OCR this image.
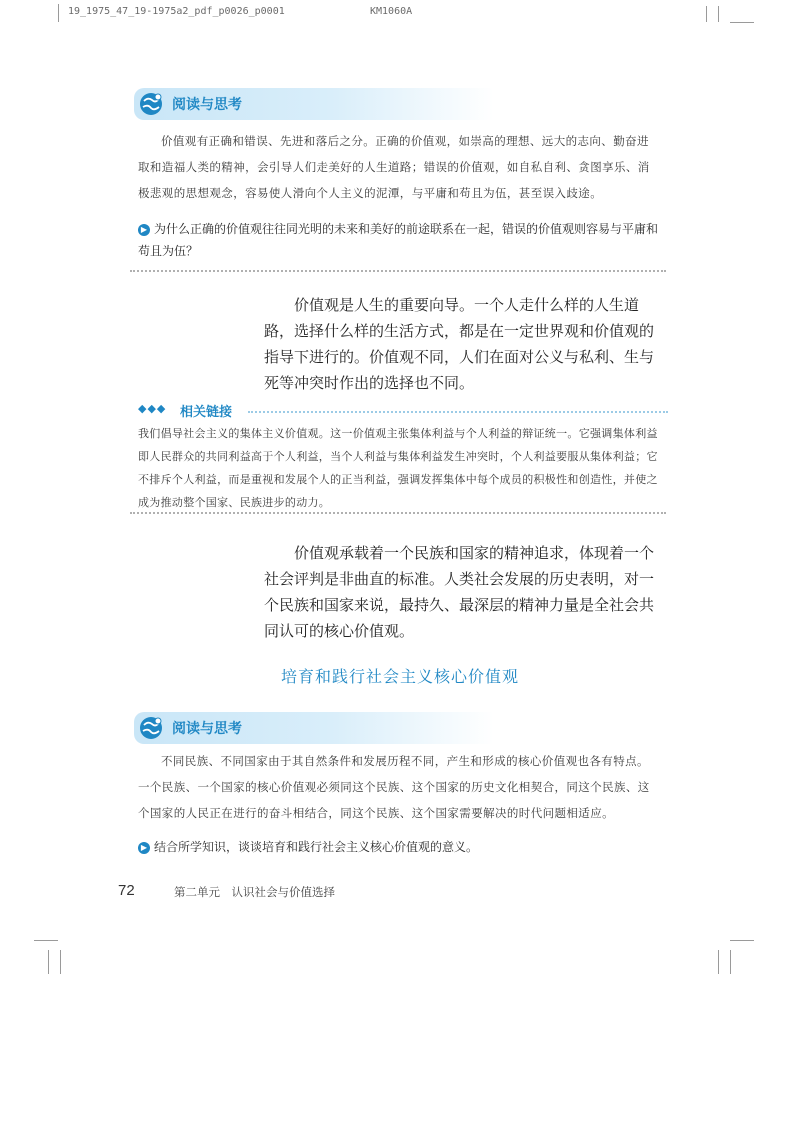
19_1975_47_19-1975a2_pdf_p0026_p0001	KM1060A
阅读与思考

价值观有正确和错误、先进和落后之分。正确的价值观，如崇高的理想、远大的志向、勤奋进取和造福人类的精神，会引导人们走美好的人生道路；错误的价值观，如自私自利、贪图享乐、消极悲观的思想观念，容易使人滑向个人主义的泥潭，与平庸和苟且为伍，甚至误入歧途。

▶ 为什么正确的价值观往往同光明的未来和美好的前途联系在一起，错误的价值观则容易与平庸和苟且为伍？

价值观是人生的重要向导。一个人走什么样的人生道路，选择什么样的生活方式，都是在一定世界观和价值观的指导下进行的。价值观不同，人们在面对公义与私利、生与死等冲突时作出的选择也不同。

◆◆◆ 相关链接

我们倡导社会主义的集体主义价值观。这一价值观主张集体利益与个人利益的辩证统一。它强调集体利益即人民群众的共同利益高于个人利益，当个人利益与集体利益发生冲突时，个人利益要服从集体利益；它不排斥个人利益，而是重视和发展个人的正当利益，强调发挥集体中每个成员的积极性和创造性，并使之成为推动整个国家、民族进步的动力。

价值观承载着一个民族和国家的精神追求，体现着一个社会评判是非曲直的标准。人类社会发展的历史表明，对一个民族和国家来说，最持久、最深层的精神力量是全社会共同认可的核心价值观。

培育和践行社会主义核心价值观
阅读与思考

不同民族、不同国家由于其自然条件和发展历程不同，产生和形成的核心价值观也各有特点。一个民族、一个国家的核心价值观必须同这个民族、这个国家的历史文化相契合，同这个民族、这个国家的人民正在进行的奋斗相结合，同这个民族、这个国家需要解决的时代问题相适应。

▶ 结合所学知识，谈谈培育和践行社会主义核心价值观的意义。

72	第二单元　认识社会与价值选择
